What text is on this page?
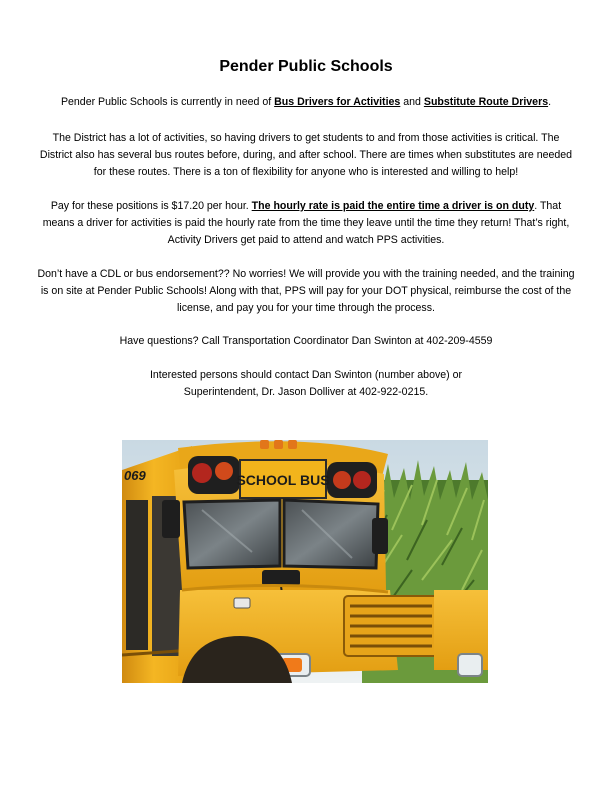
Pender Public Schools
Pender Public Schools is currently in need of Bus Drivers for Activities and Substitute Route Drivers.
The District has a lot of activities, so having drivers to get students to and from those activities is critical. The District also has several bus routes before, during, and after school. There are times when substitutes are needed for these routes. There is a ton of flexibility for anyone who is interested and willing to help!
Pay for these positions is $17.20 per hour. The hourly rate is paid the entire time a driver is on duty. That means a driver for activities is paid the hourly rate from the time they leave until the time they return! That’s right, Activity Drivers get paid to attend and watch PPS activities.
Don’t have a CDL or bus endorsement?? No worries! We will provide you with the training needed, and the training is on site at Pender Public Schools! Along with that, PPS will pay for your DOT physical, reimburse the cost of the license, and pay you for your time through the process.
Have questions? Call Transportation Coordinator Dan Swinton at 402-209-4559
Interested persons should contact Dan Swinton (number above) or
Superintendent, Dr. Jason Dolliver at 402-922-0215.
SCHOOL BUS
069
